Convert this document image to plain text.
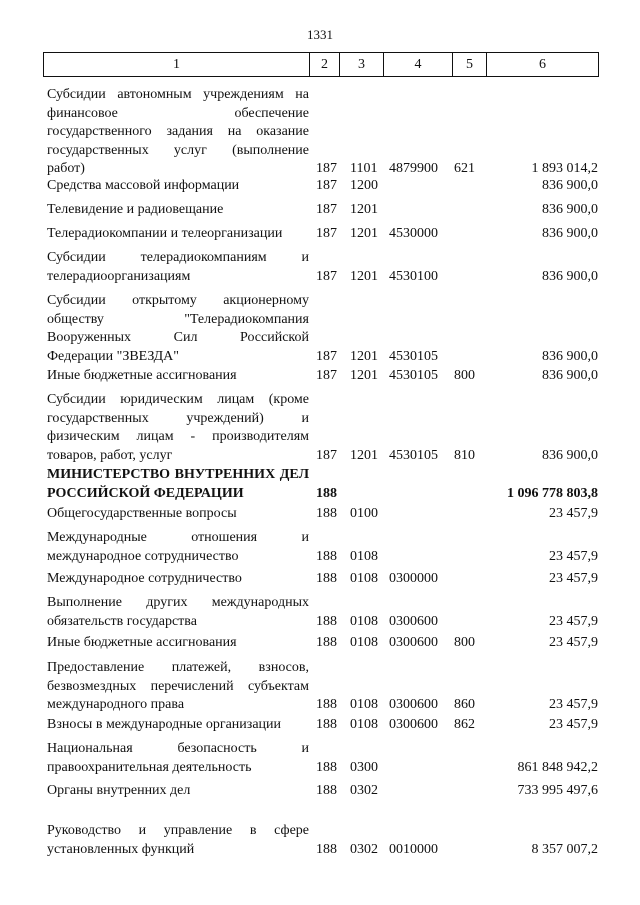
1331
1	2	3	4	5	6
Субсидии автономным учреждениям на
финансовое обеспечение
государственного задания на оказание
государственных услуг (выполнение
работ)	187 1101 4879900 621	1 893 014,2
Средства массовой информации	187 1200	836 900,0
Телевидение и радиовещание	187 1201	836 900,0
Телерадиокомпании и телеорганизации	187 1201 4530000	836 900,0
Субсидии телерадиокомпаниям и
телерадиоорганизациям	187 1201 4530100	836 900,0
Субсидии открытому акционерному
обществу "Телерадиокомпания
Вооруженных Сил Российской
Федерации "ЗВЕЗДА"	187 1201 4530105	836 900,0
Иные бюджетные ассигнования	187 1201 4530105 800	836 900,0
Субсидии юридическим лицам (кроме
государственных учреждений) и
физическим лицам - производителям
товаров, работ, услуг	187 1201 4530105 810	836 900,0
МИНИСТЕРСТВО ВНУТРЕННИХ ДЕЛ
РОССИЙСКОЙ ФЕДЕРАЦИИ	188	1 096 778 803,8
Общегосударственные вопросы	188 0100	23 457,9
Международные отношения и
международное сотрудничество	188 0108	23 457,9
Международное сотрудничество	188 0108 0300000	23 457,9
Выполнение других международных
обязательств государства	188 0108 0300600	23 457,9
Иные бюджетные ассигнования	188 0108 0300600 800	23 457,9
Предоставление платежей, взносов,
безвозмездных перечислений субъектам
международного права	188 0108 0300600 860	23 457,9
Взносы в международные организации	188 0108 0300600 862	23 457,9
Национальная безопасность и
правоохранительная деятельность	188 0300	861 848 942,2
Органы внутренних дел	188 0302	733 995 497,6
Руководство и управление в сфере
установленных функций	188 0302 0010000	8 357 007,2
